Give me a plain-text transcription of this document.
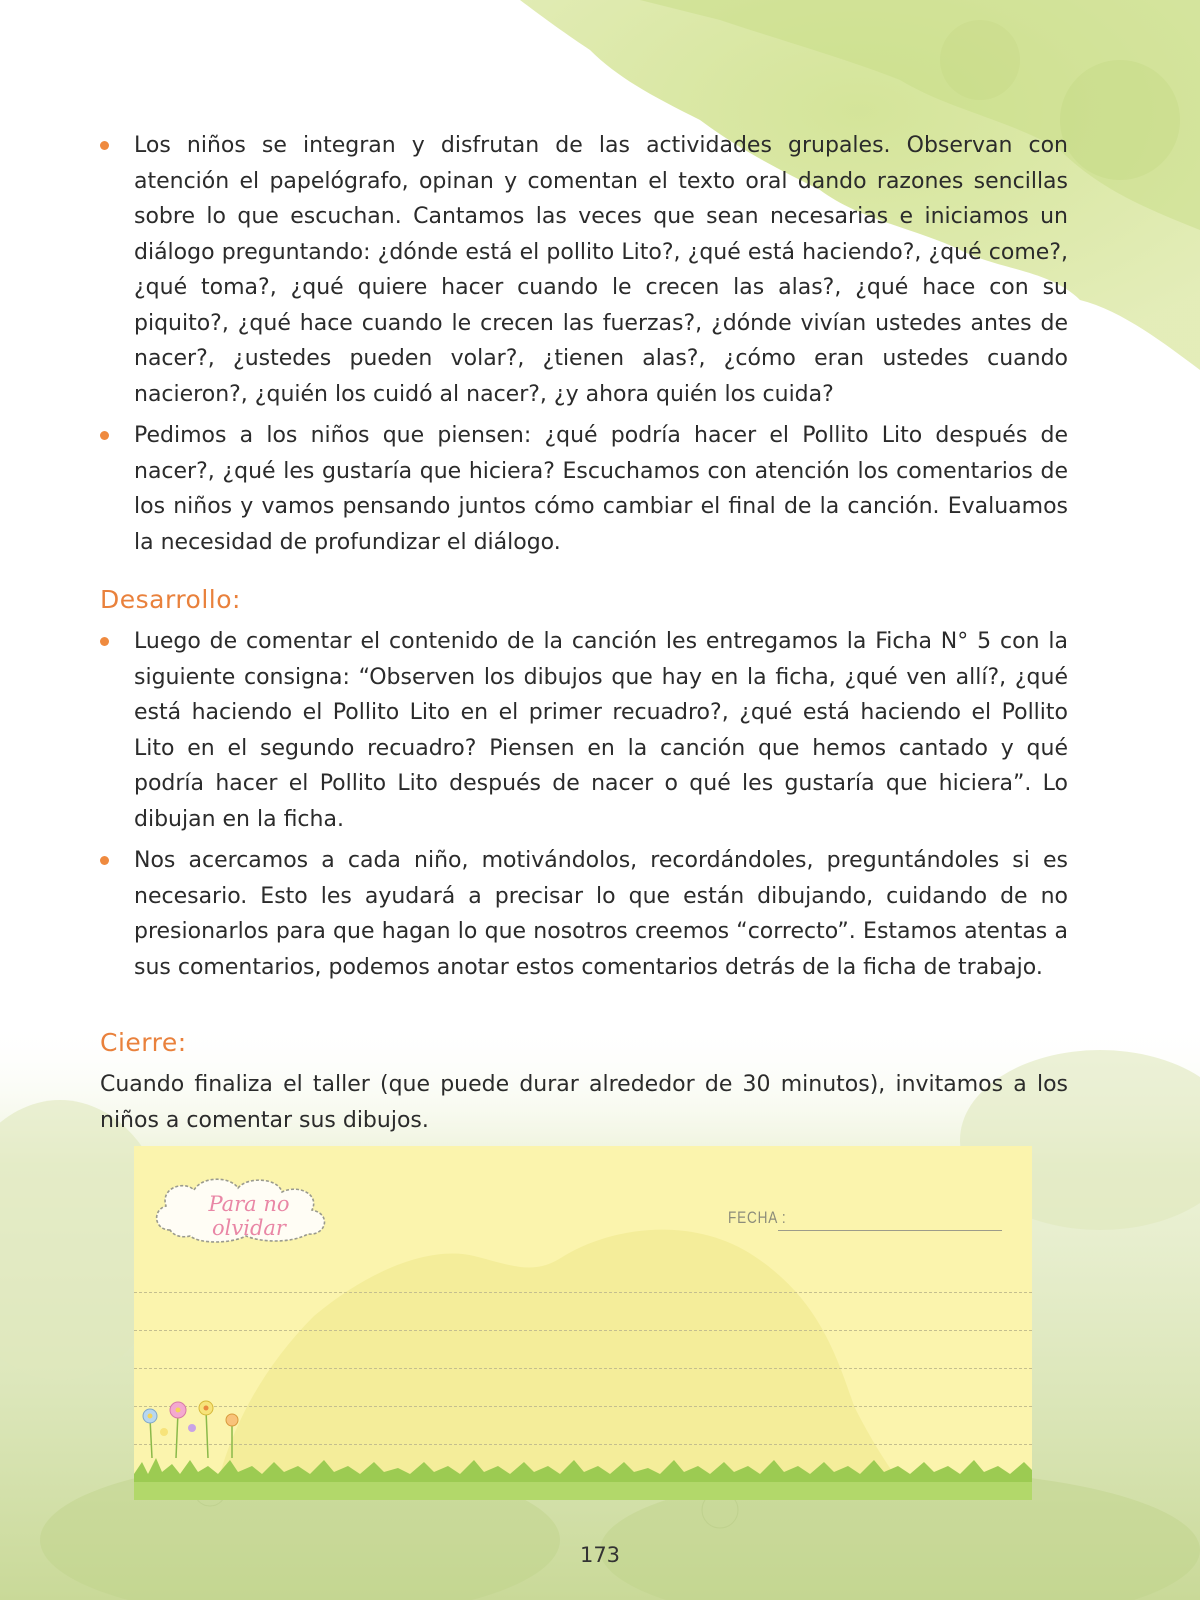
Los niños se integran y disfrutan de las actividades grupales. Observan con atención el papelógrafo, opinan y comentan el texto oral dando razones sencillas sobre lo que escuchan. Cantamos las veces que sean necesarias e iniciamos un diálogo preguntando: ¿dónde está el pollito Lito?, ¿qué está haciendo?, ¿qué come?, ¿qué toma?, ¿qué quiere hacer cuando le crecen las alas?, ¿qué hace con su piquito?, ¿qué hace cuando le crecen las fuerzas?, ¿dónde vivían ustedes antes de nacer?, ¿ustedes pueden volar?, ¿tienen alas?, ¿cómo eran ustedes cuando nacieron?, ¿quién los cuidó al nacer?, ¿y ahora quién los cuida?
Pedimos a los niños que piensen: ¿qué podría hacer el Pollito Lito después de nacer?, ¿qué les gustaría que hiciera? Escuchamos con atención los comentarios de los niños y vamos pensando juntos cómo cambiar el final de la canción. Evaluamos la necesidad de profundizar el diálogo.
Desarrollo:
Luego de comentar el contenido de la canción les entregamos la Ficha N° 5 con la siguiente consigna: “Observen los dibujos que hay en la ficha, ¿qué ven allí?, ¿qué está haciendo el Pollito Lito en el primer recuadro?, ¿qué está haciendo el Pollito Lito en el segundo recuadro? Piensen en la canción que hemos cantado y qué podría hacer el Pollito Lito después de nacer o qué les gustaría que hiciera”. Lo dibujan en la ficha.
Nos acercamos a cada niño, motivándolos, recordándoles, preguntándoles si es necesario. Esto les ayudará a precisar lo que están dibujando, cuidando de no presionarlos para que hagan lo que nosotros creemos “correcto”. Estamos atentas a sus comentarios, podemos anotar estos comentarios detrás de la ficha de trabajo.
Cierre:

Cuando finaliza el taller (que puede durar alrededor de 30 minutos), invitamos a los niños a comentar sus dibujos.

Para no olvidar	FECHA :
173
